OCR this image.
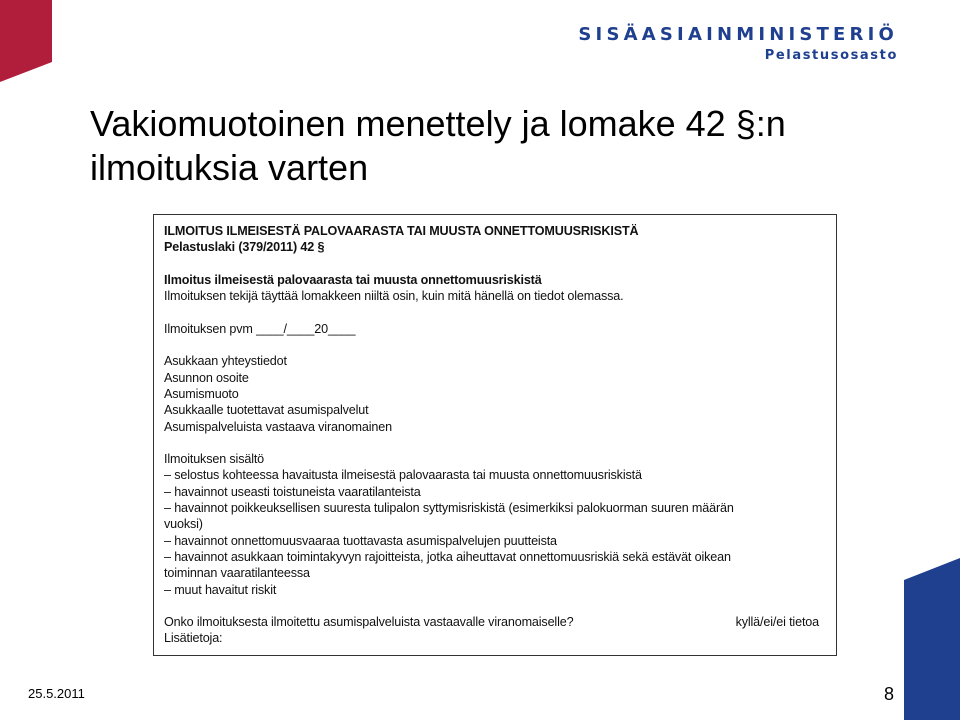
SISÄASIAINMINISTERIÖ
Pelastusosasto
Vakiomuotoinen menettely ja lomake 42 §:n
ilmoituksia varten
ILMOITUS ILMEISESTÄ PALOVAARASTA TAI MUUSTA ONNETTOMUUSRISKISTÄ
Pelastuslaki (379/2011) 42 §
Ilmoitus ilmeisestä palovaarasta tai muusta onnettomuusriskistä
Ilmoituksen tekijä täyttää lomakkeen niiltä osin, kuin mitä hänellä on tiedot olemassa.
Ilmoituksen pvm ____/____20____
Asukkaan yhteystiedot
Asunnon osoite
Asumismuoto
Asukkaalle tuotettavat asumispalvelut
Asumispalveluista vastaava viranomainen
Ilmoituksen sisältö
– selostus kohteessa havaitusta ilmeisestä palovaarasta tai muusta onnettomuusriskistä
– havainnot useasti toistuneista vaaratilanteista
– havainnot poikkeuksellisen suuresta tulipalon syttymisriskistä (esimerkiksi palokuorman suuren määrän
vuoksi)
– havainnot onnettomuusvaaraa tuottavasta asumispalvelujen puutteista
– havainnot asukkaan toimintakyvyn rajoitteista, jotka aiheuttavat onnettomuusriskiä sekä estävät oikean
toiminnan vaaratilanteessa
– muut havaitut riskit
Onko ilmoituksesta ilmoitettu asumispalveluista vastaavalle viranomaiselle?	kyllä/ei/ei tietoa
Lisätietoja:
25.5.2011	8
